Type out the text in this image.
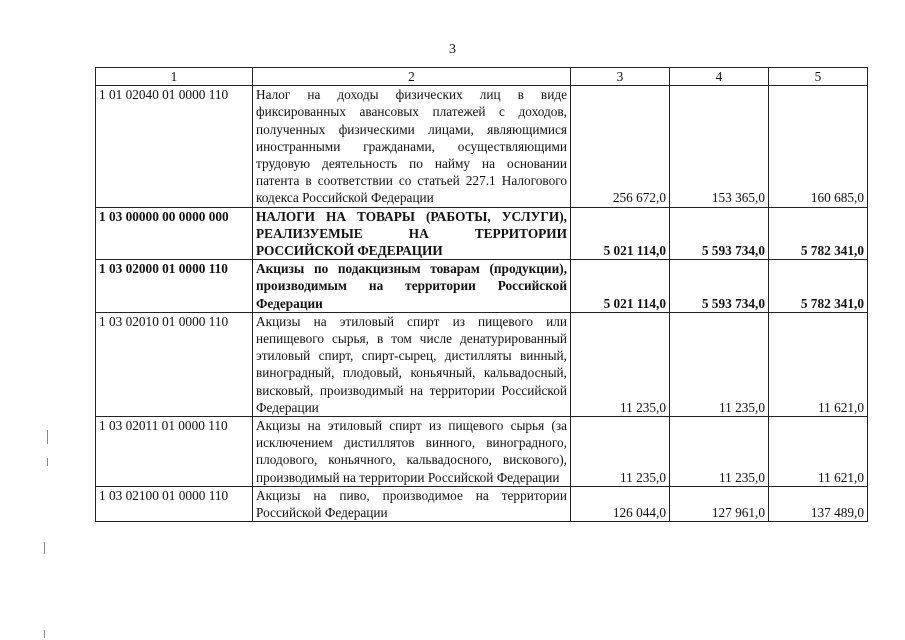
3
1	2	3	4	5
1 01 02040 01 0000 110	Налог на доходы физических лиц в виде фиксированных авансовых платежей с доходов, полученных физическими лицами, являющимися иностранными гражданами, осуществляющими трудовую деятельность по найму на основании патента в соответствии со статьей 227.1 Налогового кодекса Российской Федерации	256 672,0	153 365,0	160 685,0
1 03 00000 00 0000 000	НАЛОГИ НА ТОВАРЫ (РАБОТЫ, УСЛУГИ), РЕАЛИЗУЕМЫЕ НА ТЕРРИТОРИИ РОССИЙСКОЙ ФЕДЕРАЦИИ	5 021 114,0	5 593 734,0	5 782 341,0
1 03 02000 01 0000 110	Акцизы по подакцизным товарам (продукции), производимым на территории Российской Федерации	5 021 114,0	5 593 734,0	5 782 341,0
1 03 02010 01 0000 110	Акцизы на этиловый спирт из пищевого или непищевого сырья, в том числе денатурированный этиловый спирт, спирт-сырец, дистилляты винный, виноградный, плодовый, коньячный, кальвадосный, висковый, производимый на территории Российской Федерации	11 235,0	11 235,0	11 621,0
1 03 02011 01 0000 110	Акцизы на этиловый спирт из пищевого сырья (за исключением дистиллятов винного, виноградного, плодового, коньячного, кальвадосного, вискового), производимый на территории Российской Федерации	11 235,0	11 235,0	11 621,0
1 03 02100 01 0000 110	Акцизы на пиво, производимое на территории Российской Федерации	126 044,0	127 961,0	137 489,0
